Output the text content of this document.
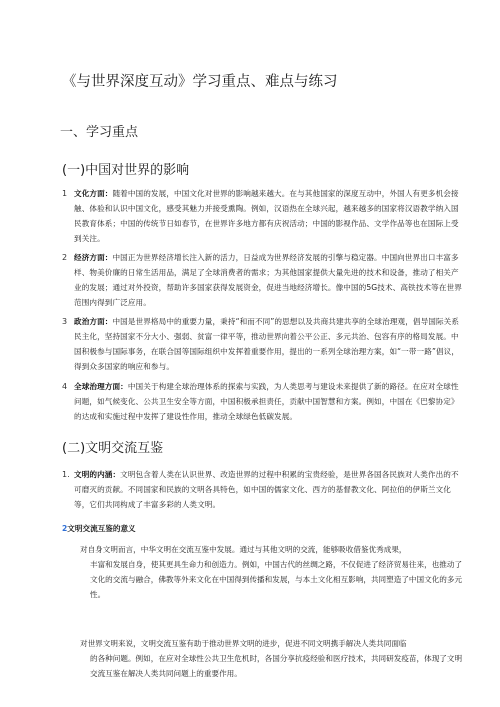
《与世界深度互动》学习重点、难点与练习
一、学习重点
(一)中国对世界的影响
1 文化方面：随着中国的发展，中国文化对世界的影响越来越大。在与其他国家的深度互动中，外国人有更多机会接触、体验和认识中国文化，感受其魅力并接受熏陶。例如，汉语热在全球兴起，越来越多的国家将汉语教学纳入国民教育体系；中国的传统节日如春节，在世界许多地方都有庆祝活动；中国的影视作品、文学作品等也在国际上受到关注。
2 经济方面：中国正为世界经济增长注入新的活力，日益成为世界经济发展的引擎与稳定器。中国向世界出口丰富多样、物美价廉的日常生活用品，满足了全球消费者的需求；为其他国家提供大量先进的技术和设备，推动了相关产业的发展；通过对外投资，帮助许多国家获得发展资金，促进当地经济增长。像中国的5G技术、高铁技术等在世界范围内得到广泛应用。
3 政治方面：中国是世界格局中的重要力量，秉持“和而不同”的思想以及共商共建共享的全球治理观，倡导国际关系民主化，坚持国家不分大小、强弱、贫富一律平等，推动世界向着公平公正、多元共治、包容有序的格局发展。中国积极参与国际事务，在联合国等国际组织中发挥着重要作用，提出的一系列全球治理方案，如“一带一路”倡议，得到众多国家的响应和参与。
4 全球治理方面：中国关于构建全球治理体系的探索与实践，为人类思考与建设未来提供了新的路径。在应对全球性问题，如气候变化、公共卫生安全等方面，中国积极承担责任，贡献中国智慧和方案。例如，中国在《巴黎协定》的达成和实施过程中发挥了建设性作用，推动全球绿色低碳发展。
(二)文明交流互鉴
1. 文明的内涵：文明包含着人类在认识世界、改造世界的过程中积累的宝贵经验，是世界各国各民族对人类作出的不可磨灭的贡献。不同国家和民族的文明各具特色，如中国的儒家文化、西方的基督教文化、阿拉伯的伊斯兰文化等，它们共同构成了丰富多彩的人类文明。
2文明交流互鉴的意义
对自身文明而言，中华文明在交流互鉴中发展。通过与其他文明的交流，能够吸收借鉴优秀成果，
丰富和发展自身，使其更具生命力和创造力。例如，中国古代的丝绸之路，不仅促进了经济贸易往来，也推动了文化的交流与融合，佛教等外来文化在中国得到传播和发展，与本土文化相互影响，共同塑造了中国文化的多元性。
对世界文明来说，文明交流互鉴有助于推动世界文明的进步，促进不同文明携手解决人类共同面临
的各种问题。例如，在应对全球性公共卫生危机时，各国分享抗疫经验和医疗技术，共同研发疫苗，体现了文明交流互鉴在解决人类共同问题上的重要作用。
